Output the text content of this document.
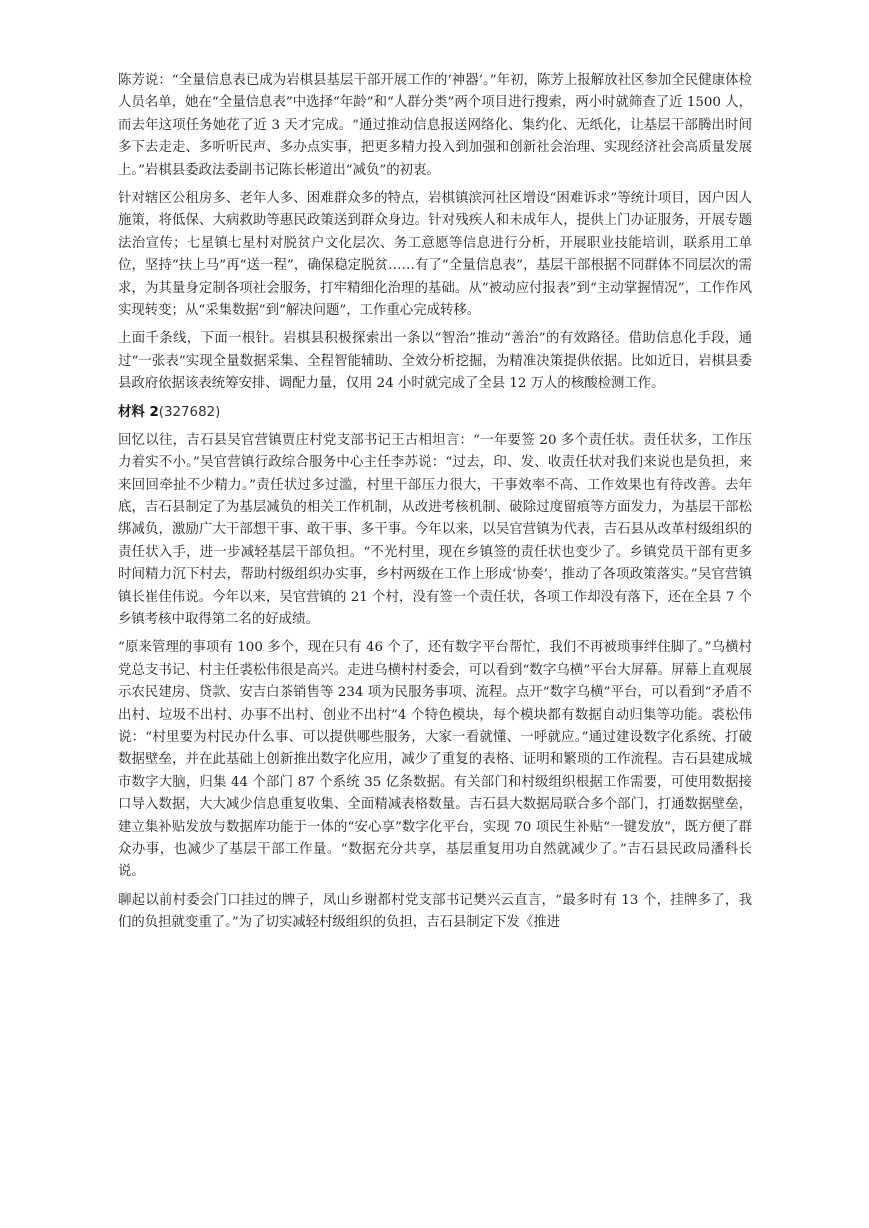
陈芳说：“全量信息表已成为岩棋县基层干部开展工作的‘神器’。”年初，陈芳上报解放社区参加全民健康体检人员名单，她在“全量信息表”中选择“年龄”和“人群分类”两个项目进行搜索，两小时就筛查了近 1500 人，而去年这项任务她花了近 3 天才完成。“通过推动信息报送网络化、集约化、无纸化，让基层干部腾出时间多下去走走、多听听民声、多办点实事，把更多精力投入到加强和创新社会治理、实现经济社会高质量发展上。”岩棋县委政法委副书记陈长彬道出“减负”的初衷。

针对辖区公租房多、老年人多、困难群众多的特点，岩棋镇滨河社区增设“困难诉求”等统计项目，因户因人施策，将低保、大病救助等惠民政策送到群众身边。针对残疾人和未成年人，提供上门办证服务，开展专题法治宣传；七星镇七星村对脱贫户文化层次、务工意愿等信息进行分析，开展职业技能培训，联系用工单位，坚持“扶上马”再“送一程”，确保稳定脱贫……有了“全量信息表”，基层干部根据不同群体不同层次的需求，为其量身定制各项社会服务，打牢精细化治理的基础。从“被动应付报表”到“主动掌握情况”，工作作风实现转变；从“采集数据”到“解决问题”，工作重心完成转移。

上面千条线，下面一根针。岩棋县积极探索出一条以“智治”推动“善治”的有效路径。借助信息化手段，通过“一张表”实现全量数据采集、全程智能辅助、全效分析挖掘，为精准决策提供依据。比如近日，岩棋县委县政府依据该表统筹安排、调配力量，仅用 24 小时就完成了全县 12 万人的核酸检测工作。

材料 2(327682)

回忆以往，吉石县吴官营镇贾庄村党支部书记王古相坦言：“一年要签 20 多个责任状。责任状多，工作压力着实不小。”吴官营镇行政综合服务中心主任李苏说：“过去，印、发、收责任状对我们来说也是负担，来来回回牵扯不少精力。”责任状过多过滥，村里干部压力很大，干事效率不高、工作效果也有待改善。去年底，吉石县制定了为基层减负的相关工作机制，从改进考核机制、破除过度留痕等方面发力，为基层干部松绑减负，激励广大干部想干事、敢干事、多干事。今年以来，以吴官营镇为代表，吉石县从改革村级组织的责任状入手，进一步减轻基层干部负担。“不光村里，现在乡镇签的责任状也变少了。乡镇党员干部有更多时间精力沉下村去，帮助村级组织办实事，乡村两级在工作上形成‘协奏’，推动了各项政策落实。”吴官营镇镇长崔佳伟说。今年以来，吴官营镇的 21 个村，没有签一个责任状，各项工作却没有落下，还在全县 7 个乡镇考核中取得第二名的好成绩。

“原来管理的事项有 100 多个，现在只有 46 个了，还有数字平台帮忙，我们不再被琐事绊住脚了。”乌横村党总支书记、村主任裘松伟很是高兴。走进乌横村村委会，可以看到“数字乌横”平台大屏幕。屏幕上直观展示农民建房、贷款、安吉白茶销售等 234 项为民服务事项、流程。点开“数字乌横”平台，可以看到“矛盾不出村、垃圾不出村、办事不出村、创业不出村”4 个特色模块，每个模块都有数据自动归集等功能。裘松伟说：“村里要为村民办什么事、可以提供哪些服务，大家一看就懂、一呼就应。”通过建设数字化系统、打破数据壁垒，并在此基础上创新推出数字化应用，减少了重复的表格、证明和繁琐的工作流程。吉石县建成城市数字大脑，归集 44 个部门 87 个系统 35 亿条数据。有关部门和村级组织根据工作需要，可使用数据接口导入数据，大大减少信息重复收集、全面精减表格数量。吉石县大数据局联合多个部门，打通数据壁垒，建立集补贴发放与数据库功能于一体的“安心享”数字化平台，实现 70 项民生补贴“一键发放”，既方便了群众办事，也减少了基层干部工作量。“数据充分共享，基层重复用功自然就减少了。”吉石县民政局潘科长说。

聊起以前村委会门口挂过的牌子，凤山乡谢都村党支部书记樊兴云直言，“最多时有 13 个，挂牌多了，我们的负担就变重了。”为了切实减轻村级组织的负担，吉石县制定下发《推进
